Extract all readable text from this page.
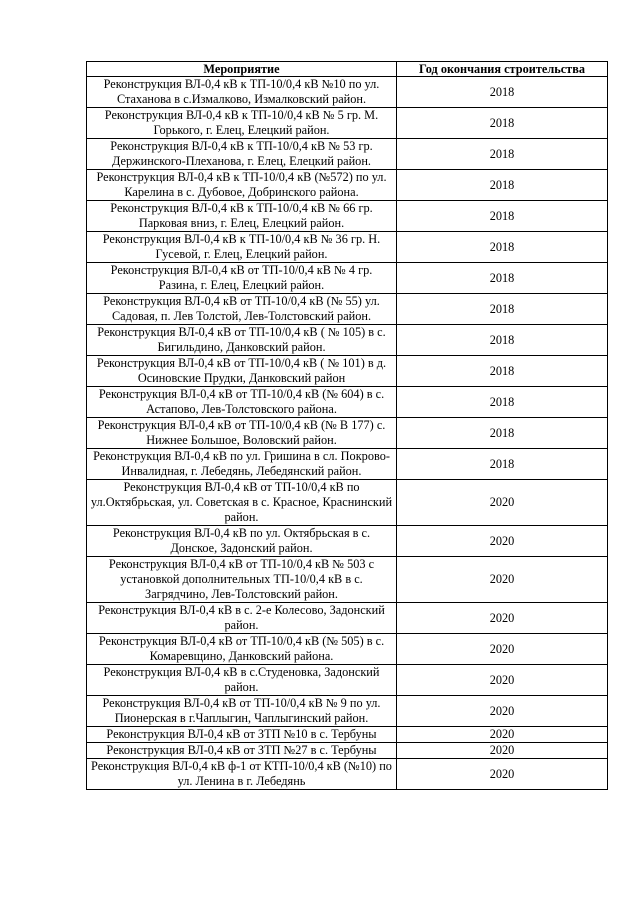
Мероприятие	Год окончания строительства
Реконструкция ВЛ-0,4 кВ к ТП-10/0,4 кВ №10 по ул. Стаханова в с.Измалково, Измалковский район.	2018
Реконструкция ВЛ-0,4 кВ к ТП-10/0,4 кВ № 5 гр. М. Горького, г. Елец, Елецкий район.	2018
Реконструкция ВЛ-0,4 кВ к ТП-10/0,4 кВ № 53 гр. Держинского-Плеханова, г. Елец, Елецкий район.	2018
Реконструкция ВЛ-0,4 кВ к ТП-10/0,4 кВ (№572) по ул. Карелина в с. Дубовое, Добринского района.	2018
Реконструкция ВЛ-0,4 кВ к ТП-10/0,4 кВ № 66 гр. Парковая вниз, г. Елец, Елецкий район.	2018
Реконструкция ВЛ-0,4 кВ к ТП-10/0,4 кВ № 36 гр. Н. Гусевой, г. Елец, Елецкий район.	2018
Реконструкция ВЛ-0,4 кВ от ТП-10/0,4 кВ № 4 гр. Разина, г. Елец, Елецкий район.	2018
Реконструкция ВЛ-0,4 кВ от ТП-10/0,4 кВ (№ 55) ул. Садовая, п. Лев Толстой, Лев-Толстовский район.	2018
Реконструкция ВЛ-0,4 кВ от ТП-10/0,4 кВ ( № 105) в с. Бигильдино, Данковский район.	2018
Реконструкция ВЛ-0,4 кВ от ТП-10/0,4 кВ ( № 101) в д. Осиновские Прудки, Данковский район	2018
Реконструкция ВЛ-0,4 кВ от ТП-10/0,4 кВ (№ 604) в с. Астапово, Лев-Толстовского района.	2018
Реконструкция ВЛ-0,4 кВ от ТП-10/0,4 кВ (№ В 177) с. Нижнее Большое, Воловский район.	2018
Реконструкция ВЛ-0,4 кВ по ул. Гришина в сл. Покрово-Инвалидная, г. Лебедянь, Лебедянский район.	2018
Реконструкция ВЛ-0,4 кВ от ТП-10/0,4 кВ по ул.Октябрьская, ул. Советская в с. Красное, Краснинский район.	2020
Реконструкция ВЛ-0,4 кВ по ул. Октябрьская в с. Донское, Задонский район.	2020
Реконструкция ВЛ-0,4 кВ от ТП-10/0,4 кВ № 503 с установкой дополнительных ТП-10/0,4 кВ в с. Загрядчино, Лев-Толстовский район.	2020
Реконструкция ВЛ-0,4 кВ в с. 2-е Колесово, Задонский район.	2020
Реконструкция ВЛ-0,4 кВ от ТП-10/0,4 кВ (№ 505) в с. Комаревщино, Данковский района.	2020
Реконструкция ВЛ-0,4 кВ в с.Студеновка, Задонский район.	2020
Реконструкция ВЛ-0,4 кВ от ТП-10/0,4 кВ № 9 по ул. Пионерская в г.Чаплыгин, Чаплыгинский район.	2020
Реконструкция ВЛ-0,4 кВ от ЗТП №10 в с. Тербуны	2020
Реконструкция ВЛ-0,4 кВ от ЗТП №27 в с. Тербуны	2020
Реконструкция ВЛ-0,4 кВ ф-1 от КТП-10/0,4 кВ (№10) по ул. Ленина в г. Лебедянь	2020
